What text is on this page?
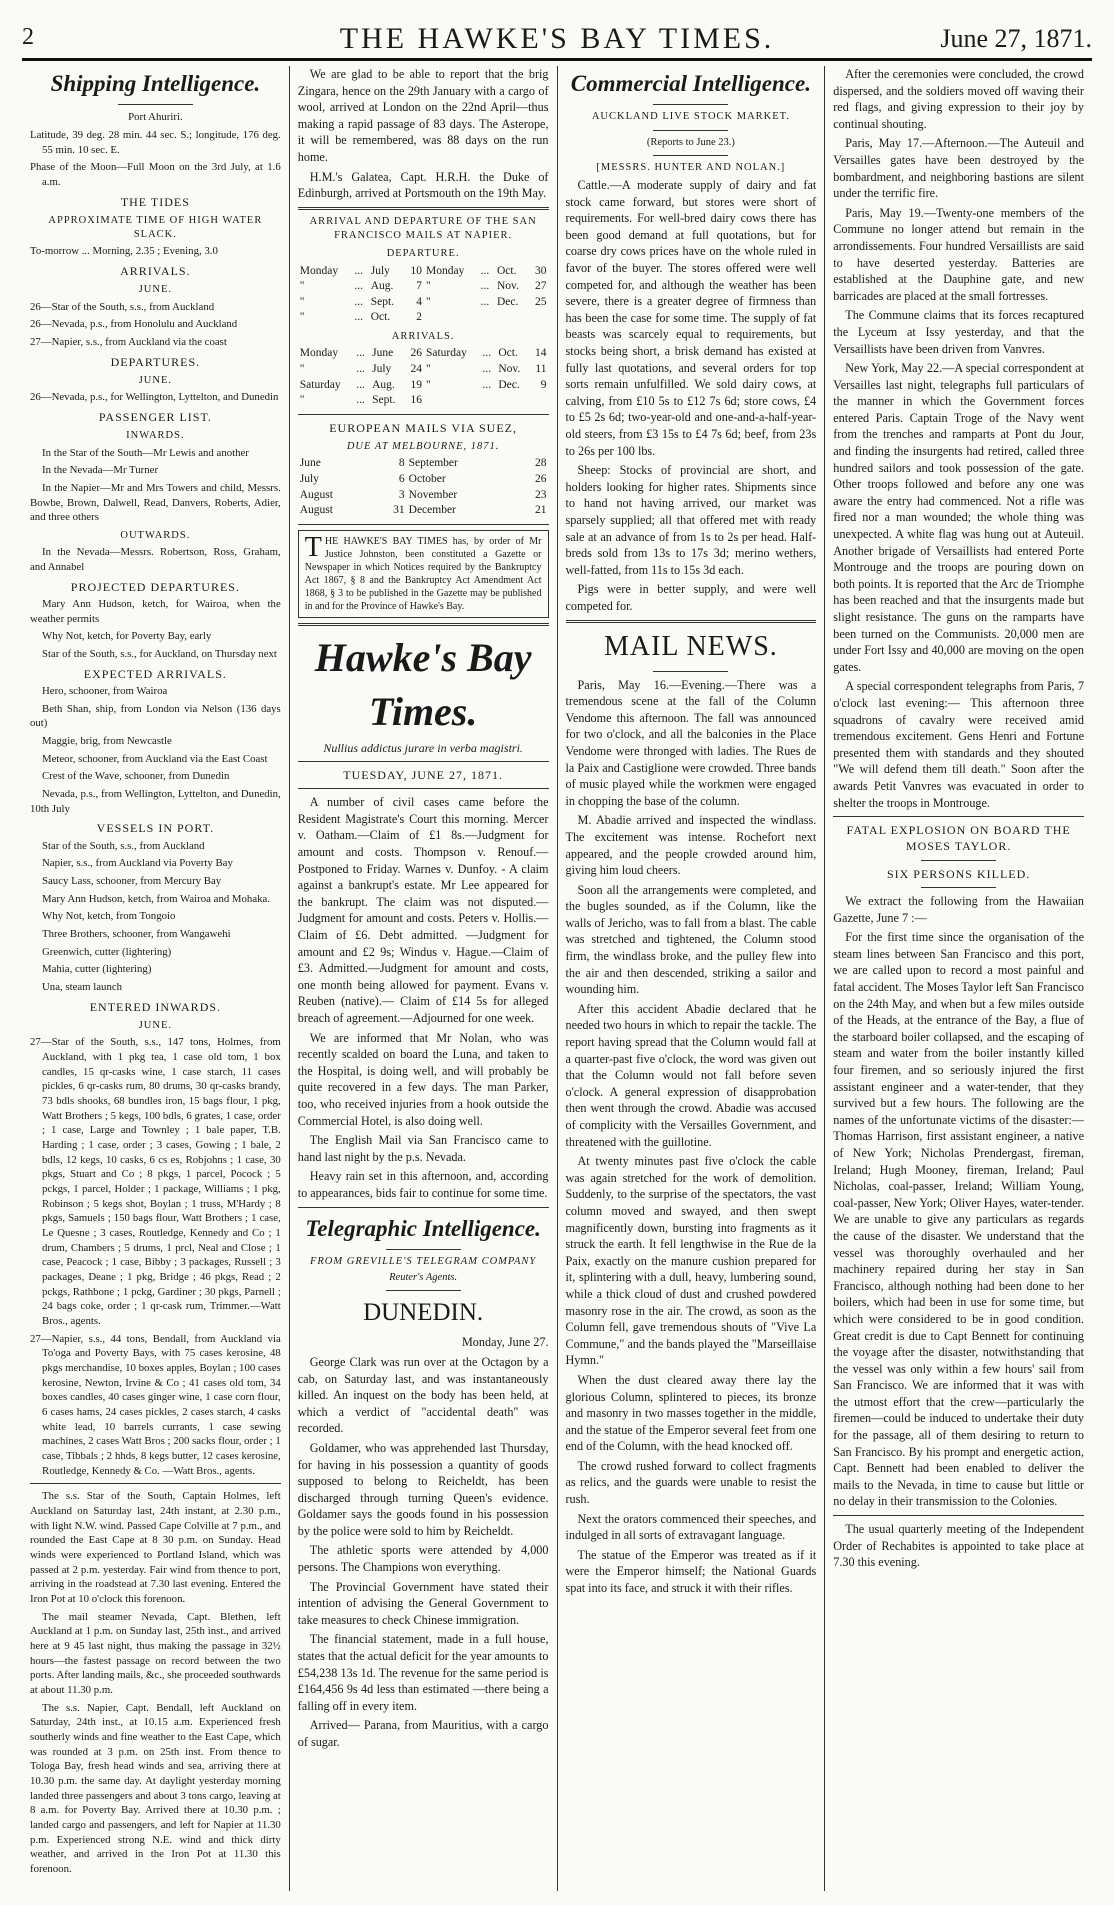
2	THE HAWKE'S BAY TIMES.	June 27, 1871.
Shipping Intelligence.

Port Ahuriri.

Latitude, 39 deg. 28 min. 44 sec. S.; longitude, 176 deg. 55 min. 10 sec. E.

Phase of the Moon—Full Moon on the 3rd July, at 1.6 a.m.

THE TIDES
APPROXIMATE TIME OF HIGH WATER SLACK.

To-morrow ... Morning, 2.35 ; Evening, 3.0

ARRIVALS.
JUNE.

26—Star of the South, s.s., from Auckland

26—Nevada, p.s., from Honolulu and Auckland

27—Napier, s.s., from Auckland via the coast

DEPARTURES.
JUNE.

26—Nevada, p.s., for Wellington, Lyttelton, and Dunedin

PASSENGER LIST.
INWARDS.

In the Star of the South—Mr Lewis and another

In the Nevada—Mr Turner

In the Napier—Mr and Mrs Towers and child, Messrs. Bowbe, Brown, Dalwell, Read, Danvers, Roberts, Adier, and three others

OUTWARDS.

In the Nevada—Messrs. Robertson, Ross, Graham, and Annabel

PROJECTED DEPARTURES.

Mary Ann Hudson, ketch, for Wairoa, when the weather permits

Why Not, ketch, for Poverty Bay, early

Star of the South, s.s., for Auckland, on Thursday next

EXPECTED ARRIVALS.

Hero, schooner, from Wairoa

Beth Shan, ship, from London via Nelson (136 days out)

Maggie, brig, from Newcastle

Meteor, schooner, from Auckland via the East Coast

Crest of the Wave, schooner, from Dunedin

Nevada, p.s., from Wellington, Lyttelton, and Dunedin, 10th July

VESSELS IN PORT.

Star of the South, s.s., from Auckland

Napier, s.s., from Auckland via Poverty Bay

Saucy Lass, schooner, from Mercury Bay

Mary Ann Hudson, ketch, from Wairoa and Mohaka.

Why Not, ketch, from Tongoio

Three Brothers, schooner, from Wangawehi

Greenwich, cutter (lightering)

Mahia, cutter (lightering)

Una, steam launch

ENTERED INWARDS.
JUNE.

27—Star of the South, s.s., 147 tons, Holmes, from Auckland, with 1 pkg tea, 1 case old tom, 1 box candles, 15 qr-casks wine, 1 case starch, 11 cases pickles, 6 qr-casks rum, 80 drums, 30 qr-casks brandy, 73 bdls shooks, 68 bundles iron, 15 bags flour, 1 pkg, Watt Brothers ; 5 kegs, 100 bdls, 6 grates, 1 case, order ; 1 case, Large and Townley ; 1 bale paper, T.B. Harding ; 1 case, order ; 3 cases, Gowing ; 1 bale, 2 bdls, 12 kegs, 10 casks, 6 cs es, Robjohns ; 1 case, 30 pkgs, Stuart and Co ; 8 pkgs, 1 parcel, Pocock ; 5 pckgs, 1 parcel, Holder ; 1 package, Williams ; 1 pkg, Robinson ; 5 kegs shot, Boylan ; 1 truss, M'Hardy ; 8 pkgs, Samuels ; 150 bags flour, Watt Brothers ; 1 case, Le Quesne ; 3 cases, Routledge, Kennedy and Co ; 1 drum, Chambers ; 5 drums, 1 prcl, Neal and Close ; 1 case, Peacock ; 1 case, Bibby ; 3 packages, Russell ; 3 packages, Deane ; 1 pkg, Bridge ; 46 pkgs, Read ; 2 pckgs, Rathbone ; 1 pckg, Gardiner ; 30 pkgs, Parnell ; 24 bags coke, order ; 1 qr-cask rum, Trimmer.—Watt Bros., agents.

27—Napier, s.s., 44 tons, Bendall, from Auckland via To'oga and Poverty Bays, with 75 cases kerosine, 48 pkgs merchandise, 10 boxes apples, Boylan ; 100 cases kerosine, Newton, Irvine & Co ; 41 cases old tom, 34 boxes candles, 40 cases ginger wine, 1 case corn flour, 6 cases hams, 24 cases pickles, 2 cases starch, 4 casks white lead, 10 barrels currants, 1 case sewing machines, 2 cases Watt Bros ; 200 sacks flour, order ; 1 case, Tibbals ; 2 hhds, 8 kegs butter, 12 cases kerosine, Routledge, Kennedy & Co. —Watt Bros., agents.

The s.s. Star of the South, Captain Holmes, left Auckland on Saturday last, 24th instant, at 2.30 p.m., with light N.W. wind. Passed Cape Colville at 7 p.m., and rounded the East Cape at 8 30 p.m. on Sunday. Head winds were experienced to Portland Island, which was passed at 2 p.m. yesterday. Fair wind from thence to port, arriving in the roadstead at 7.30 last evening. Entered the Iron Pot at 10 o'clock this forenoon.

The mail steamer Nevada, Capt. Blethen, left Auckland at 1 p.m. on Sunday last, 25th inst., and arrived here at 9 45 last night, thus making the passage in 32½ hours—the fastest passage on record between the two ports. After landing mails, &c., she proceeded southwards at about 11.30 p.m.

The s.s. Napier, Capt. Bendall, left Auckland on Saturday, 24th inst., at 10.15 a.m. Experienced fresh southerly winds and fine weather to the East Cape, which was rounded at 3 p.m. on 25th inst. From thence to Tologa Bay, fresh head winds and sea, arriving there at 10.30 p.m. the same day. At daylight yesterday morning landed three passengers and about 3 tons cargo, leaving at 8 a.m. for Poverty Bay. Arrived there at 10.30 p.m. ; landed cargo and passengers, and left for Napier at 11.30 p.m. Experienced strong N.E. wind and thick dirty weather, and arrived in the Iron Pot at 11.30 this forenoon.

We are glad to be able to report that the brig Zingara, hence on the 29th January with a cargo of wool, arrived at London on the 22nd April—thus making a rapid passage of 83 days. The Asterope, it will be remembered, was 88 days on the run home.

H.M.'s Galatea, Capt. H.R.H. the Duke of Edinburgh, arrived at Portsmouth on the 19th May.

ARRIVAL AND DEPARTURE OF THE SAN FRANCISCO MAILS AT NAPIER.
DEPARTURE.
Monday	...	July	10	Monday	...	Oct.	30
"	...	Aug.	7	"	...	Nov.	27
"	...	Sept.	4	"	...	Dec.	25
"	...	Oct.	2				
ARRIVALS.
Monday	...	June	26	Saturday	...	Oct.	14
"	...	July	24	"	...	Nov.	11
Saturday	...	Aug.	19	"	...	Dec.	9
"	...	Sept.	16				
EUROPEAN MAILS VIA SUEZ,
DUE AT MELBOURNE, 1871.
June	8	September	28
July	6	October	26
August	3	November	23
August	31	December	21
T HE HAWKE'S BAY TIMES has, by order of Mr Justice Johnston, been constituted a Gazette or Newspaper in which Notices required by the Bankruptcy Act 1867, § 8 and the Bankruptcy Act Amendment Act 1868, § 3 to be published in the Gazette may be published in and for the Province of Hawke's Bay.
Hawke's Bay Times.
Nullius addictus jurare in verba magistri.
TUESDAY, JUNE 27, 1871.

A number of civil cases came before the Resident Magistrate's Court this morning. Mercer v. Oatham.—Claim of £1 8s.—Judgment for amount and costs. Thompson v. Renouf.—Postponed to Friday. Warnes v. Dunfoy. - A claim against a bankrupt's estate. Mr Lee appeared for the bankrupt. The claim was not disputed.—Judgment for amount and costs. Peters v. Hollis.—Claim of £6. Debt admitted. —Judgment for amount and £2 9s; Windus v. Hague.—Claim of £3. Admitted.—Judgment for amount and costs, one month being allowed for payment. Evans v. Reuben (native).— Claim of £14 5s for alleged breach of agreement.—Adjourned for one week.

We are informed that Mr Nolan, who was recently scalded on board the Luna, and taken to the Hospital, is doing well, and will probably be quite recovered in a few days. The man Parker, too, who received injuries from a hook outside the Commercial Hotel, is also doing well.

The English Mail via San Francisco came to hand last night by the p.s. Nevada.

Heavy rain set in this afternoon, and, according to appearances, bids fair to continue for some time.

Telegraphic Intelligence.
FROM GREVILLE'S TELEGRAM COMPANY
Reuter's Agents.
DUNEDIN.

Monday, June 27.

George Clark was run over at the Octagon by a cab, on Saturday last, and was instantaneously killed. An inquest on the body has been held, at which a verdict of "accidental death" was recorded.

Goldamer, who was apprehended last Thursday, for having in his possession a quantity of goods supposed to belong to Reicheldt, has been discharged through turning Queen's evidence. Goldamer says the goods found in his possession by the police were sold to him by Reicheldt.

The athletic sports were attended by 4,000 persons. The Champions won everything.

The Provincial Government have stated their intention of advising the General Government to take measures to check Chinese immigration.

The financial statement, made in a full house, states that the actual deficit for the year amounts to £54,238 13s 1d. The revenue for the same period is £164,456 9s 4d less than estimated —there being a falling off in every item.

Arrived— Parana, from Mauritius, with a cargo of sugar.

Commercial Intelligence.
AUCKLAND LIVE STOCK MARKET.
(Reports to June 23.)
[MESSRS. HUNTER AND NOLAN.]

Cattle.—A moderate supply of dairy and fat stock came forward, but stores were short of requirements. For well-bred dairy cows there has been good demand at full quotations, but for coarse dry cows prices have on the whole ruled in favor of the buyer. The stores offered were well competed for, and although the weather has been severe, there is a greater degree of firmness than has been the case for some time. The supply of fat beasts was scarcely equal to requirements, but stocks being short, a brisk demand has existed at fully last quotations, and several orders for top sorts remain unfulfilled. We sold dairy cows, at calving, from £10 5s to £12 7s 6d; store cows, £4 to £5 2s 6d; two-year-old and one-and-a-half-year-old steers, from £3 15s to £4 7s 6d; beef, from 23s to 26s per 100 lbs.

Sheep: Stocks of provincial are short, and holders looking for higher rates. Shipments since to hand not having arrived, our market was sparsely supplied; all that offered met with ready sale at an advance of from 1s to 2s per head. Half-breds sold from 13s to 17s 3d; merino wethers, well-fatted, from 11s to 15s 3d each.

Pigs were in better supply, and were well competed for.

MAIL NEWS.

Paris, May 16.—Evening.—There was a tremendous scene at the fall of the Column Vendome this afternoon. The fall was announced for two o'clock, and all the balconies in the Place Vendome were thronged with ladies. The Rues de la Paix and Castiglione were crowded. Three bands of music played while the workmen were engaged in chopping the base of the column.

M. Abadie arrived and inspected the windlass. The excitement was intense. Rochefort next appeared, and the people crowded around him, giving him loud cheers.

Soon all the arrangements were completed, and the bugles sounded, as if the Column, like the walls of Jericho, was to fall from a blast. The cable was stretched and tightened, the Column stood firm, the windlass broke, and the pulley flew into the air and then descended, striking a sailor and wounding him.

After this accident Abadie declared that he needed two hours in which to repair the tackle. The report having spread that the Column would fall at a quarter-past five o'clock, the word was given out that the Column would not fall before seven o'clock. A general expression of disapprobation then went through the crowd. Abadie was accused of complicity with the Versailles Government, and threatened with the guillotine.

At twenty minutes past five o'clock the cable was again stretched for the work of demolition. Suddenly, to the surprise of the spectators, the vast column moved and swayed, and then swept magnificently down, bursting into fragments as it struck the earth. It fell lengthwise in the Rue de la Paix, exactly on the manure cushion prepared for it, splintering with a dull, heavy, lumbering sound, while a thick cloud of dust and crushed powdered masonry rose in the air. The crowd, as soon as the Column fell, gave tremendous shouts of "Vive La Commune," and the bands played the "Marseillaise Hymn."

When the dust cleared away there lay the glorious Column, splintered to pieces, its bronze and masonry in two masses together in the middle, and the statue of the Emperor several feet from one end of the Column, with the head knocked off.

The crowd rushed forward to collect fragments as relics, and the guards were unable to resist the rush.

Next the orators commenced their speeches, and indulged in all sorts of extravagant language.

The statue of the Emperor was treated as if it were the Emperor himself; the National Guards spat into its face, and struck it with their rifles.

After the ceremonies were concluded, the crowd dispersed, and the soldiers moved off waving their red flags, and giving expression to their joy by continual shouting.

Paris, May 17.—Afternoon.—The Auteuil and Versailles gates have been destroyed by the bombardment, and neighboring bastions are silent under the terrific fire.

Paris, May 19.—Twenty-one members of the Commune no longer attend but remain in the arrondissements. Four hundred Versaillists are said to have deserted yesterday. Batteries are established at the Dauphine gate, and new barricades are placed at the small fortresses.

The Commune claims that its forces recaptured the Lyceum at Issy yesterday, and that the Versaillists have been driven from Vanvres.

New York, May 22.—A special correspondent at Versailles last night, telegraphs full particulars of the manner in which the Government forces entered Paris. Captain Troge of the Navy went from the trenches and ramparts at Pont du Jour, and finding the insurgents had retired, called three hundred sailors and took possession of the gate. Other troops followed and before any one was aware the entry had commenced. Not a rifle was fired nor a man wounded; the whole thing was unexpected. A white flag was hung out at Auteuil. Another brigade of Versaillists had entered Porte Montrouge and the troops are pouring down on both points. It is reported that the Arc de Triomphe has been reached and that the insurgents made but slight resistance. The guns on the ramparts have been turned on the Communists. 20,000 men are under Fort Issy and 40,000 are moving on the open gates.

A special correspondent telegraphs from Paris, 7 o'clock last evening:— This afternoon three squadrons of cavalry were received amid tremendous excitement. Gens Henri and Fortune presented them with standards and they shouted "We will defend them till death." Soon after the awards Petit Vanvres was evacuated in order to shelter the troops in Montrouge.

FATAL EXPLOSION ON BOARD THE MOSES TAYLOR.
SIX PERSONS KILLED.

We extract the following from the Hawaiian Gazette, June 7 :—

For the first time since the organisation of the steam lines between San Francisco and this port, we are called upon to record a most painful and fatal accident. The Moses Taylor left San Francisco on the 24th May, and when but a few miles outside of the Heads, at the entrance of the Bay, a flue of the starboard boiler collapsed, and the escaping of steam and water from the boiler instantly killed four firemen, and so seriously injured the first assistant engineer and a water-tender, that they survived but a few hours. The following are the names of the unfortunate victims of the disaster:—Thomas Harrison, first assistant engineer, a native of New York; Nicholas Prendergast, fireman, Ireland; Hugh Mooney, fireman, Ireland; Paul Nicholas, coal-passer, Ireland; William Young, coal-passer, New York; Oliver Hayes, water-tender. We are unable to give any particulars as regards the cause of the disaster. We understand that the vessel was thoroughly overhauled and her machinery repaired during her stay in San Francisco, although nothing had been done to her boilers, which had been in use for some time, but which were considered to be in good condition. Great credit is due to Capt Bennett for continuing the voyage after the disaster, notwithstanding that the vessel was only within a few hours' sail from San Francisco. We are informed that it was with the utmost effort that the crew—particularly the firemen—could be induced to undertake their duty for the passage, all of them desiring to return to San Francisco. By his prompt and energetic action, Capt. Bennett had been enabled to deliver the mails to the Nevada, in time to cause but little or no delay in their transmission to the Colonies.

The usual quarterly meeting of the Independent Order of Rechabites is appointed to take place at 7.30 this evening.
